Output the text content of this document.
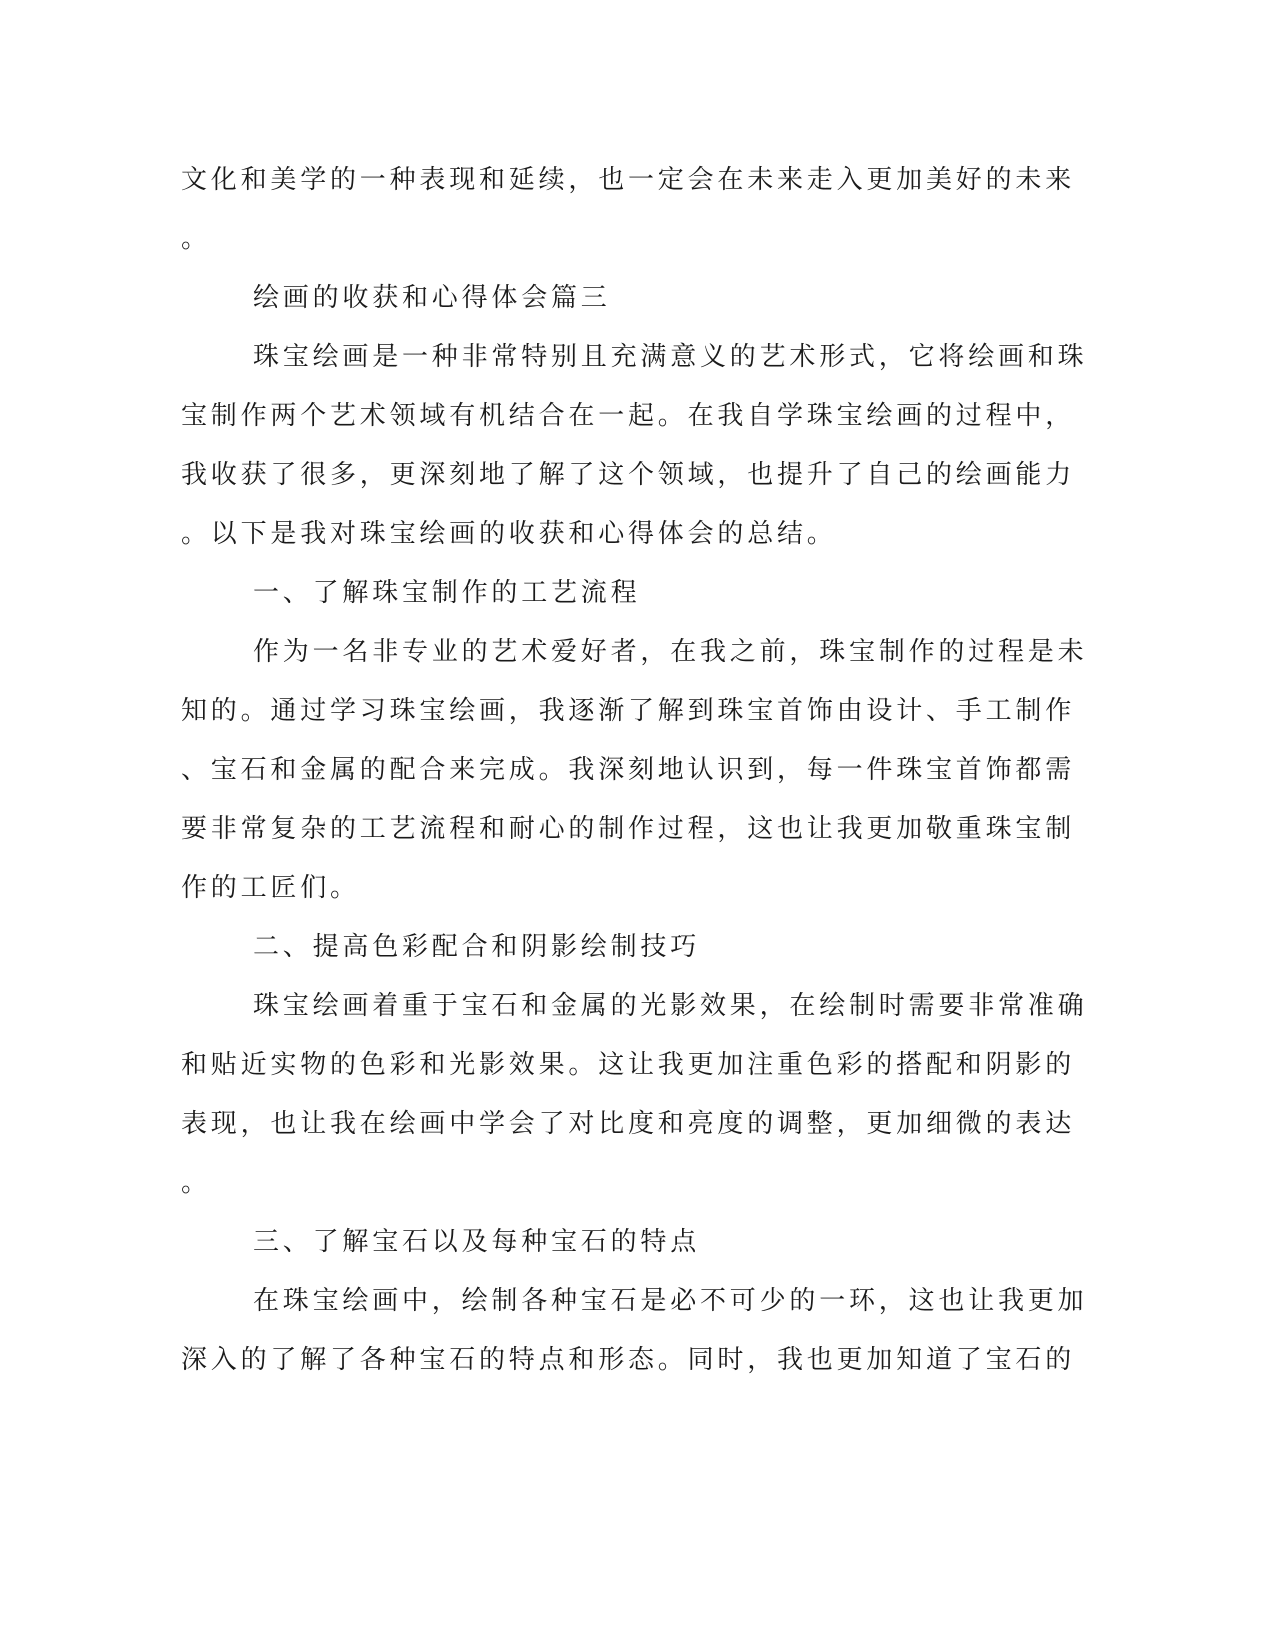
文化和美学的一种表现和延续，也一定会在未来走入更加美好的未来
。
绘画的收获和心得体会篇三
珠宝绘画是一种非常特别且充满意义的艺术形式，它将绘画和珠
宝制作两个艺术领域有机结合在一起。在我自学珠宝绘画的过程中，
我收获了很多，更深刻地了解了这个领域，也提升了自己的绘画能力
。以下是我对珠宝绘画的收获和心得体会的总结。
一、了解珠宝制作的工艺流程
作为一名非专业的艺术爱好者，在我之前，珠宝制作的过程是未
知的。通过学习珠宝绘画，我逐渐了解到珠宝首饰由设计、手工制作
、宝石和金属的配合来完成。我深刻地认识到，每一件珠宝首饰都需
要非常复杂的工艺流程和耐心的制作过程，这也让我更加敬重珠宝制
作的工匠们。
二、提高色彩配合和阴影绘制技巧
珠宝绘画着重于宝石和金属的光影效果，在绘制时需要非常准确
和贴近实物的色彩和光影效果。这让我更加注重色彩的搭配和阴影的
表现，也让我在绘画中学会了对比度和亮度的调整，更加细微的表达
。
三、了解宝石以及每种宝石的特点
在珠宝绘画中，绘制各种宝石是必不可少的一环，这也让我更加
深入的了解了各种宝石的特点和形态。同时，我也更加知道了宝石的
